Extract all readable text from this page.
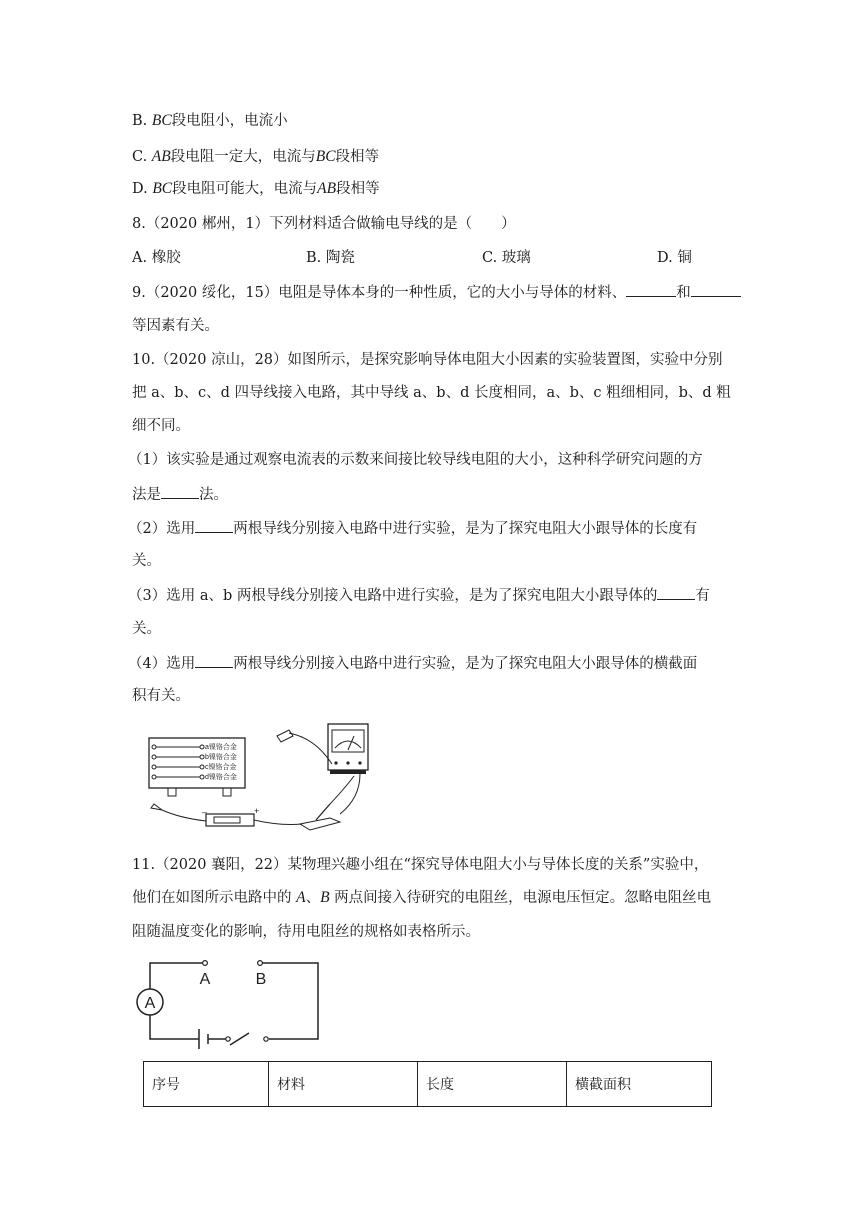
B. BC段电阻小，电流小
C. AB段电阻一定大，电流与BC段相等
D. BC段电阻可能大，电流与AB段相等
8.（2020 郴州，1）下列材料适合做输电导线的是（　　）
A. 橡胶	B. 陶瓷	C. 玻璃	D. 铜
9.（2020 绥化，15）电阻是导体本身的一种性质，它的大小与导体的材料、	和
等因素有关。
10.（2020 凉山，28）如图所示，是探究影响导体电阻大小因素的实验装置图，实验中分别
把 a、b、c、d 四导线接入电路，其中导线 a、b、d 长度相同，a、b、c 粗细相同，b、d 粗
细不同。
（1）该实验是通过观察电流表的示数来间接比较导线电阻的大小，这种科学研究问题的方
法是	法。
（2）选用	两根导线分别接入电路中进行实验，是为了探究电阻大小跟导体的长度有
关。
（3）选用 a、b 两根导线分别接入电路中进行实验，是为了探究电阻大小跟导体的	有
关。
（4）选用	两根导线分别接入电路中进行实验，是为了探究电阻大小跟导体的横截面
积有关。
a镍铬合金
b镍铬合金
c镍铬合金
d镍铬合金
–	+
11.（2020 襄阳，22）某物理兴趣小组在“探究导体电阻大小与导体长度的关系”实验中，
他们在如图所示电路中的 A、B 两点间接入待研究的电阻丝，电源电压恒定。忽略电阻丝电
阻随温度变化的影响，待用电阻丝的规格如表格所示。
A
A	B
序号	材料	长度	横截面积
